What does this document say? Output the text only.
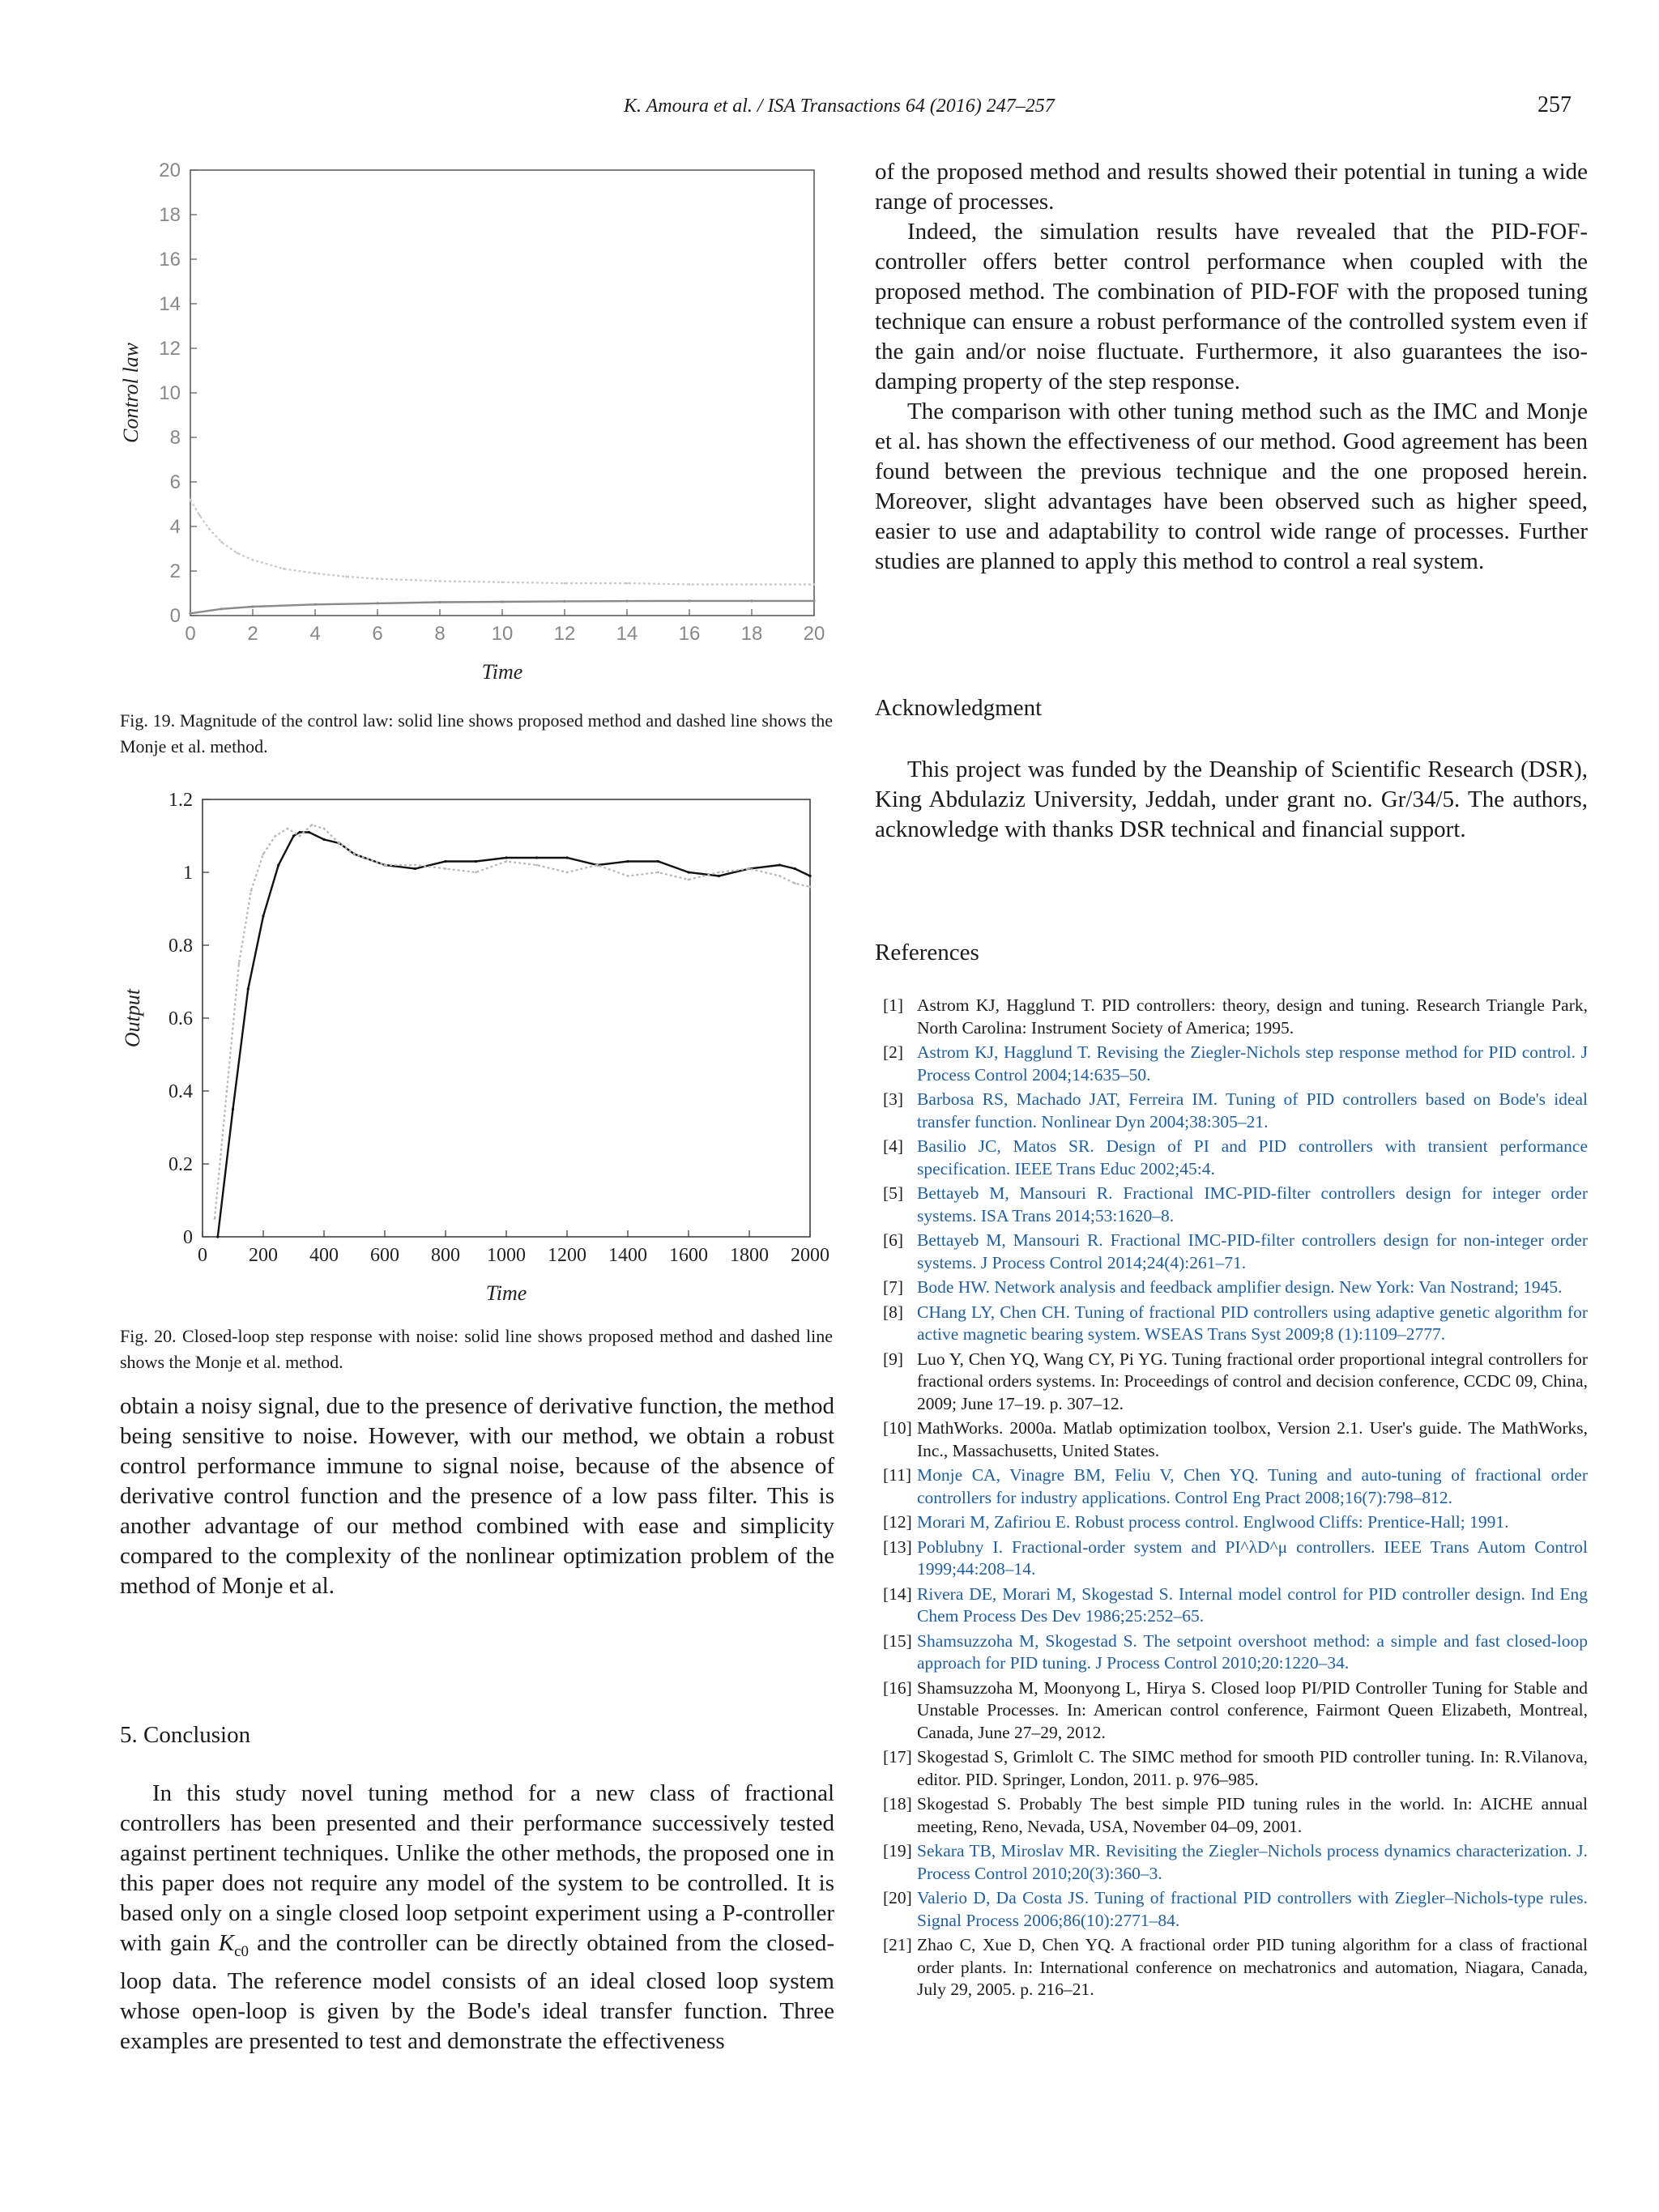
K. Amoura et al. / ISA Transactions 64 (2016) 247–257	257
0	2	4	6	8 10 12 14 16 18 20
0
2
4
6
8
10
12
14
16
18
20
Time
Control law
Fig. 19. Magnitude of the control law: solid line shows proposed method and dashed line shows the Monje et al. method.
0 200 400 600 800 1000 1200 1400 1600 1800 2000
0
0.2
0.4
0.6
0.8
1
1.2
Time
Output
Fig. 20. Closed-loop step response with noise: solid line shows proposed method and dashed line shows the Monje et al. method.

obtain a noisy signal, due to the presence of derivative function, the method being sensitive to noise. However, with our method, we obtain a robust control performance immune to signal noise, because of the absence of derivative control function and the presence of a low pass filter. This is another advantage of our method combined with ease and simplicity compared to the complexity of the nonlinear optimization problem of the method of Monje et al.

5. Conclusion

In this study novel tuning method for a new class of fractional controllers has been presented and their performance successively tested against pertinent techniques. Unlike the other methods, the proposed one in this paper does not require any model of the system to be controlled. It is based only on a single closed loop setpoint experiment using a P-controller with gain $K_{c0}$ and the controller can be directly obtained from the closed-loop data. The reference model consists of an ideal closed loop system whose open-loop is given by the Bode's ideal transfer function. Three examples are presented to test and demonstrate the effectiveness

of the proposed method and results showed their potential in tuning a wide range of processes.

Indeed, the simulation results have revealed that the PID-FOF-controller offers better control performance when coupled with the proposed method. The combination of PID-FOF with the proposed tuning technique can ensure a robust performance of the controlled system even if the gain and/or noise fluctuate. Furthermore, it also guarantees the iso-damping property of the step response.

The comparison with other tuning method such as the IMC and Monje et al. has shown the effectiveness of our method. Good agreement has been found between the previous technique and the one proposed herein. Moreover, slight advantages have been observed such as higher speed, easier to use and adaptability to control wide range of processes. Further studies are planned to apply this method to control a real system.

Acknowledgment

This project was funded by the Deanship of Scientific Research (DSR), King Abdulaziz University, Jeddah, under grant no. Gr/34/5. The authors, acknowledge with thanks DSR technical and financial support.

References
[1] Astrom KJ, Hagglund T. PID controllers: theory, design and tuning. Research Triangle Park, North Carolina: Instrument Society of America; 1995.
[2] Astrom KJ, Hagglund T. Revising the Ziegler-Nichols step response method for PID control. J Process Control 2004;14:635–50.
[3] Barbosa RS, Machado JAT, Ferreira IM. Tuning of PID controllers based on Bode's ideal transfer function. Nonlinear Dyn 2004;38:305–21.
[4] Basilio JC, Matos SR. Design of PI and PID controllers with transient performance specification. IEEE Trans Educ 2002;45:4.
[5] Bettayeb M, Mansouri R. Fractional IMC-PID-filter controllers design for integer order systems. ISA Trans 2014;53:1620–8.
[6] Bettayeb M, Mansouri R. Fractional IMC-PID-filter controllers design for non-integer order systems. J Process Control 2014;24(4):261–71.
[7] Bode HW. Network analysis and feedback amplifier design. New York: Van Nostrand; 1945.
[8] CHang LY, Chen CH. Tuning of fractional PID controllers using adaptive genetic algorithm for active magnetic bearing system. WSEAS Trans Syst 2009;8 (1):1109–2777.
[9] Luo Y, Chen YQ, Wang CY, Pi YG. Tuning fractional order proportional integral controllers for fractional orders systems. In: Proceedings of control and decision conference, CCDC 09, China, 2009; June 17–19. p. 307–12.
[10] MathWorks. 2000a. Matlab optimization toolbox, Version 2.1. User's guide. The MathWorks, Inc., Massachusetts, United States.
[11] Monje CA, Vinagre BM, Feliu V, Chen YQ. Tuning and auto-tuning of fractional order controllers for industry applications. Control Eng Pract 2008;16(7):798–812.
[12] Morari M, Zafiriou E. Robust process control. Englwood Cliffs: Prentice-Hall; 1991.
[13] Poblubny I. Fractional-order system and PI^λD^μ controllers. IEEE Trans Autom Control 1999;44:208–14.
[14] Rivera DE, Morari M, Skogestad S. Internal model control for PID controller design. Ind Eng Chem Process Des Dev 1986;25:252–65.
[15] Shamsuzzoha M, Skogestad S. The setpoint overshoot method: a simple and fast closed-loop approach for PID tuning. J Process Control 2010;20:1220–34.
[16] Shamsuzzoha M, Moonyong L, Hirya S. Closed loop PI/PID Controller Tuning for Stable and Unstable Processes. In: American control conference, Fairmont Queen Elizabeth, Montreal, Canada, June 27–29, 2012.
[17] Skogestad S, Grimlolt C. The SIMC method for smooth PID controller tuning. In: R.Vilanova, editor. PID. Springer, London, 2011. p. 976–985.
[18] Skogestad S. Probably The best simple PID tuning rules in the world. In: AICHE annual meeting, Reno, Nevada, USA, November 04–09, 2001.
[19] Sekara TB, Miroslav MR. Revisiting the Ziegler–Nichols process dynamics characterization. J. Process Control 2010;20(3):360–3.
[20] Valerio D, Da Costa JS. Tuning of fractional PID controllers with Ziegler–Nichols-type rules. Signal Process 2006;86(10):2771–84.
[21] Zhao C, Xue D, Chen YQ. A fractional order PID tuning algorithm for a class of fractional order plants. In: International conference on mechatronics and automation, Niagara, Canada, July 29, 2005. p. 216–21.
